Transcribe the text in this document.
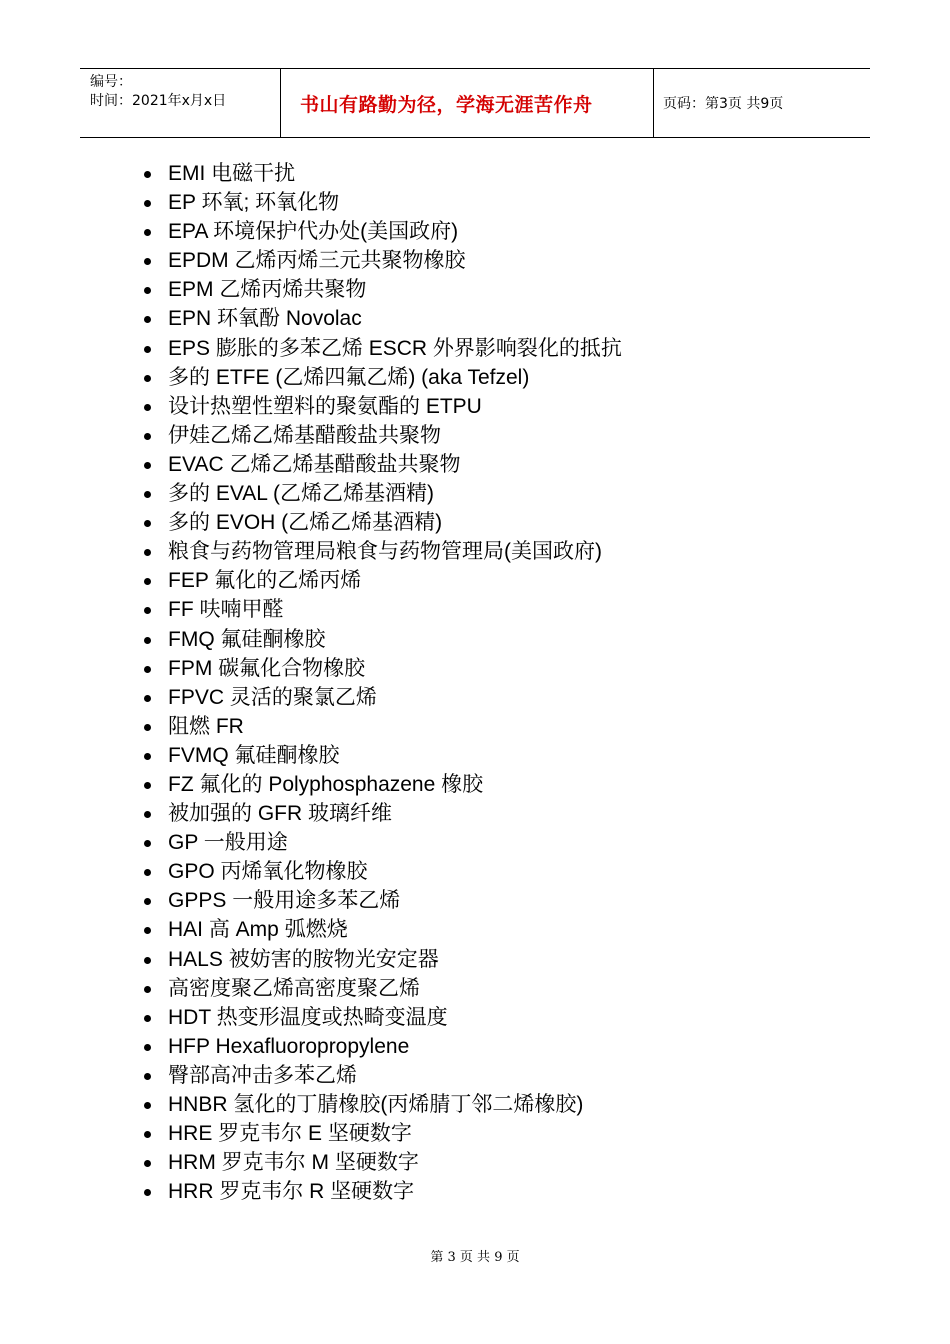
编号：
时间：2021年x月x日	书山有路勤为径，学海无涯苦作舟	页码：第3页 共9页
EMI 电磁干扰
EP 环氧; 环氧化物
EPA 环境保护代办处(美国政府)
EPDM 乙烯丙烯三元共聚物橡胶
EPM 乙烯丙烯共聚物
EPN 环氧酚 Novolac
EPS 膨胀的多苯乙烯 ESCR 外界影响裂化的抵抗
多的 ETFE (乙烯四氟乙烯) (aka Tefzel)
设计热塑性塑料的聚氨酯的 ETPU
伊娃乙烯乙烯基醋酸盐共聚物
EVAC 乙烯乙烯基醋酸盐共聚物
多的 EVAL (乙烯乙烯基酒精)
多的 EVOH (乙烯乙烯基酒精)
粮食与药物管理局粮食与药物管理局(美国政府)
FEP 氟化的乙烯丙烯
FF 呋喃甲醛
FMQ 氟硅酮橡胶
FPM 碳氟化合物橡胶
FPVC 灵活的聚氯乙烯
阻燃 FR
FVMQ 氟硅酮橡胶
FZ 氟化的 Polyphosphazene 橡胶
被加强的 GFR 玻璃纤维
GP 一般用途
GPO 丙烯氧化物橡胶
GPPS 一般用途多苯乙烯
HAI 高 Amp 弧燃烧
HALS 被妨害的胺物光安定器
高密度聚乙烯高密度聚乙烯
HDT 热变形温度或热畸变温度
HFP Hexafluoropropylene
臀部高冲击多苯乙烯
HNBR 氢化的丁腈橡胶(丙烯腈丁邻二烯橡胶)
HRE 罗克韦尔 E 坚硬数字
HRM 罗克韦尔 M 坚硬数字
HRR 罗克韦尔 R 坚硬数字
第 3 页 共 9 页
